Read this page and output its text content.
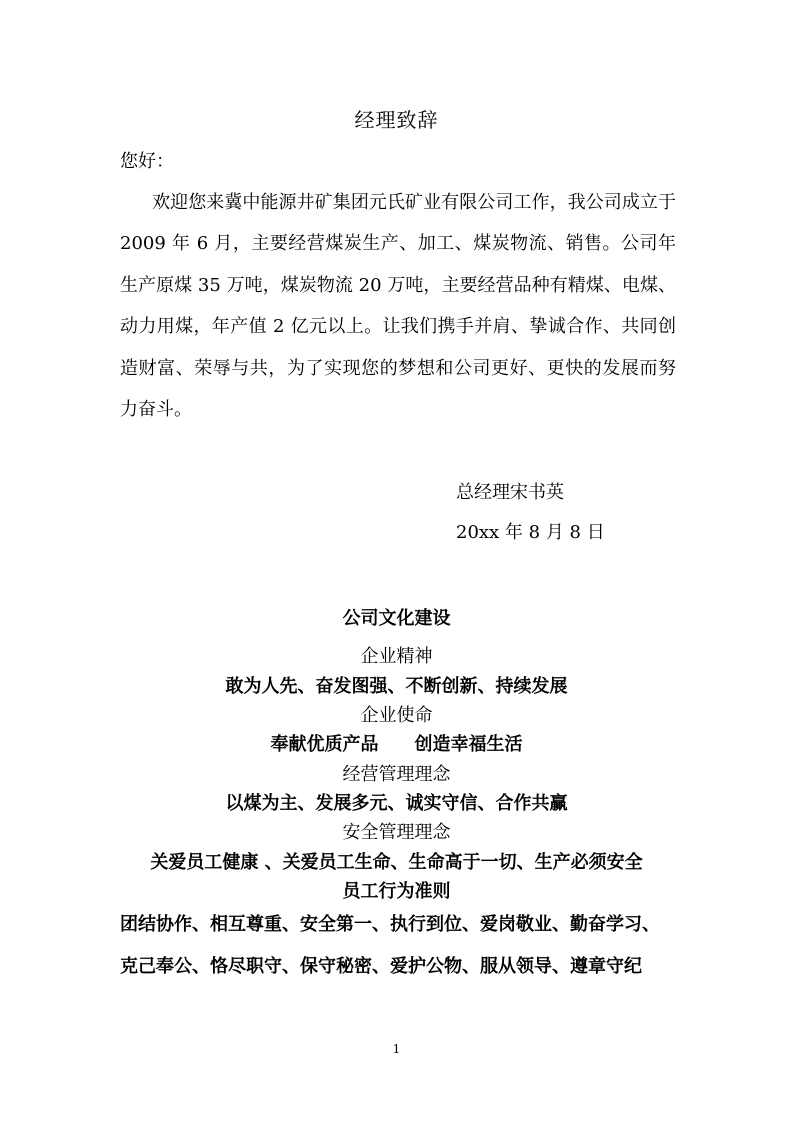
经理致辞
您好：
欢迎您来冀中能源井矿集团元氏矿业有限公司工作，我公司成立于 2009 年 6 月，主要经营煤炭生产、加工、煤炭物流、销售。公司年生产原煤 35 万吨，煤炭物流 20 万吨，主要经营品种有精煤、电煤、动力用煤，年产值 2 亿元以上。让我们携手并肩、挚诚合作、共同创造财富、荣辱与共，为了实现您的梦想和公司更好、更快的发展而努力奋斗。
总经理宋书英
20xx 年 8 月 8 日
公司文化建设
企业精神
敢为人先、奋发图强、不断创新、持续发展
企业使命
奉献优质产品　　创造幸福生活
经营管理理念
以煤为主、发展多元、诚实守信、合作共赢
安全管理理念
关爱员工健康 、关爱员工生命、生命高于一切、生产必须安全
员工行为准则
团结协作、相互尊重、安全第一、执行到位、爱岗敬业、勤奋学习、
克己奉公、恪尽职守、保守秘密、爱护公物、服从领导、遵章守纪
1
